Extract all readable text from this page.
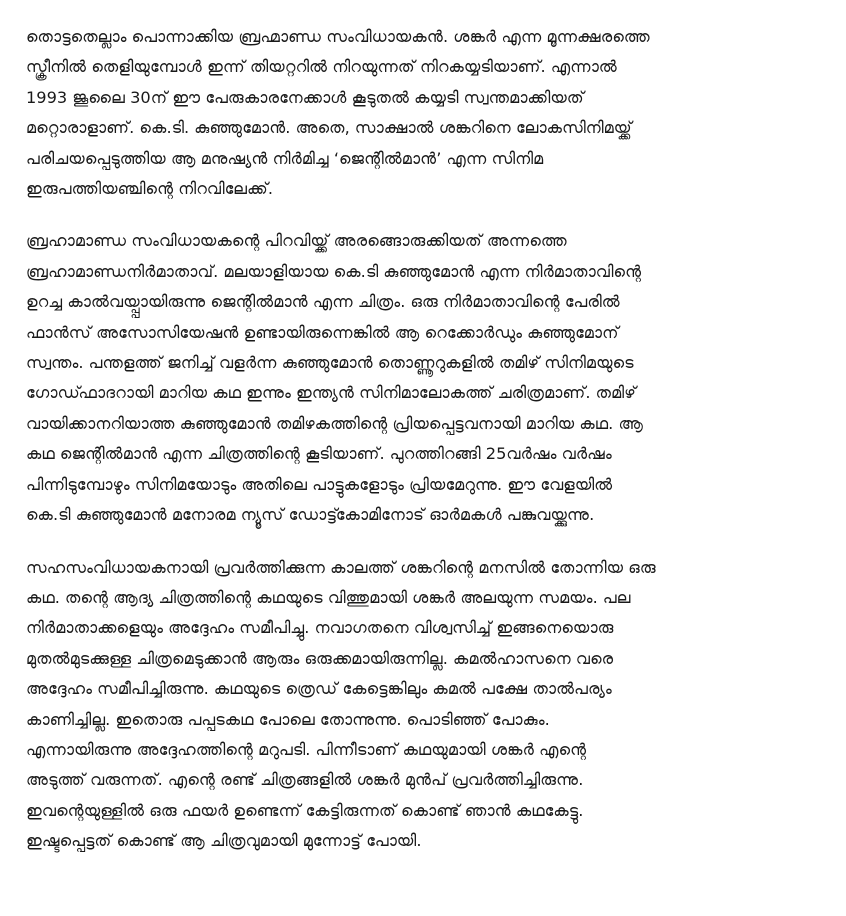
തൊട്ടതെല്ലാം പൊന്നാക്കിയ ബ്രഹ്മാണ്ഡ സംവിധായകൻ. ശങ്കർ എന്ന മൂന്നക്ഷരത്തെ
സ്ക്രീനിൽ തെളിയുമ്പോൾ ഇന്ന് തിയറ്ററിൽ നിറയുന്നത് നിറകയ്യടിയാണ്. എന്നാൽ
1993 ജൂലൈ 30ന് ഈ പേരുകാരനേക്കാൾ കൂടുതൽ കയ്യടി സ്വന്തമാക്കിയത്
മറ്റൊരാളാണ്. കെ.ടി. കുഞ്ഞുമോൻ. അതെ, സാക്ഷാൽ ശങ്കറിനെ ലോകസിനിമയ്ക്ക്
പരിചയപ്പെടുത്തിയ ആ മനുഷ്യൻ നിർമിച്ച ‘ജെന്റിൽമാൻ’ എന്ന സിനിമ
ഇരുപത്തിയഞ്ചിന്റെ നിറവിലേക്ക്.

ബ്രഹാമാണ്ഡ സംവിധായകന്റെ പിറവിയ്ക്ക് അരങ്ങൊരുക്കിയത് അന്നത്തെ
ബ്രഹാമാണ്ഡനിർമാതാവ്. മലയാളിയായ കെ.ടി കുഞ്ഞുമോൻ എന്ന നിർമാതാവിന്റെ
ഉറച്ച കാൽവയ്പ്പായിരുന്നു ജെന്റിൽമാൻ എന്ന ചിത്രം. ഒരു നിർമാതാവിന്റെ പേരിൽ
ഫാൻസ് അസോസിയേഷൻ ഉണ്ടായിരുന്നെങ്കിൽ ആ റെക്കോർഡും കുഞ്ഞുമോന്
സ്വന്തം. പന്തളത്ത് ജനിച്ച് വളർന്ന കുഞ്ഞുമോൻ തൊണ്ണൂറുകളിൽ തമിഴ് സിനിമയുടെ
ഗോഡ്ഫാദറായി മാറിയ കഥ ഇന്നും ഇന്ത്യൻ സിനിമാലോകത്ത് ചരിത്രമാണ്. തമിഴ്
വായിക്കാനറിയാത്ത കുഞ്ഞുമോൻ തമിഴകത്തിന്റെ പ്രിയപ്പെട്ടവനായി മാറിയ കഥ. ആ
കഥ ജെന്റിൽമാൻ എന്ന ചിത്രത്തിന്റെ കൂടിയാണ്. പുറത്തിറങ്ങി 25വർഷം വർഷം
പിന്നിടുമ്പോഴും സിനിമയോടും അതിലെ പാട്ടുകളോടും പ്രിയമേറുന്നു. ഈ വേളയിൽ
കെ.ടി കുഞ്ഞുമോൻ മനോരമ ന്യൂസ് ഡോട്ട്കോമിനോട് ഓർമകൾ പങ്കുവയ്ക്കുന്നു.

സഹസംവിധായകനായി പ്രവർത്തിക്കുന്ന കാലത്ത് ശങ്കറിന്റെ മനസിൽ തോന്നിയ ഒരു
കഥ. തന്റെ ആദ്യ ചിത്രത്തിന്റെ കഥയുടെ വിത്തുമായി ശങ്കർ അലയുന്ന സമയം. പല
നിർമാതാക്കളെയും അദ്ദേഹം സമീപിച്ചു. നവാഗതനെ വിശ്വസിച്ച് ഇങ്ങനെയൊരു
മുതൽമുടക്കുള്ള ചിത്രമെടുക്കാൻ ആരും ഒരുക്കമായിരുന്നില്ല. കമൽഹാസനെ വരെ
അദ്ദേഹം സമീപിച്ചിരുന്നു. കഥയുടെ ത്രെഡ് കേട്ടെങ്കിലും കമൽ പക്ഷേ താൽപര്യം
കാണിച്ചില്ല. ഇതൊരു പപ്പടകഥ പോലെ തോന്നുന്നു. പൊടിഞ്ഞ് പോകും.
എന്നായിരുന്നു അദ്ദേഹത്തിന്റെ മറുപടി. പിന്നീടാണ് കഥയുമായി ശങ്കർ എന്റെ
അടുത്ത് വരുന്നത്. എന്റെ രണ്ട് ചിത്രങ്ങളിൽ ശങ്കർ മുൻപ് പ്രവർത്തിച്ചിരുന്നു.
ഇവന്റെയുള്ളിൽ ഒരു ഫയർ ഉണ്ടെന്ന് കേട്ടിരുന്നത് കൊണ്ട് ഞാൻ കഥകേട്ടു.
ഇഷ്ടപ്പെട്ടത് കൊണ്ട് ആ ചിത്രവുമായി മുന്നോട്ട് പോയി.
